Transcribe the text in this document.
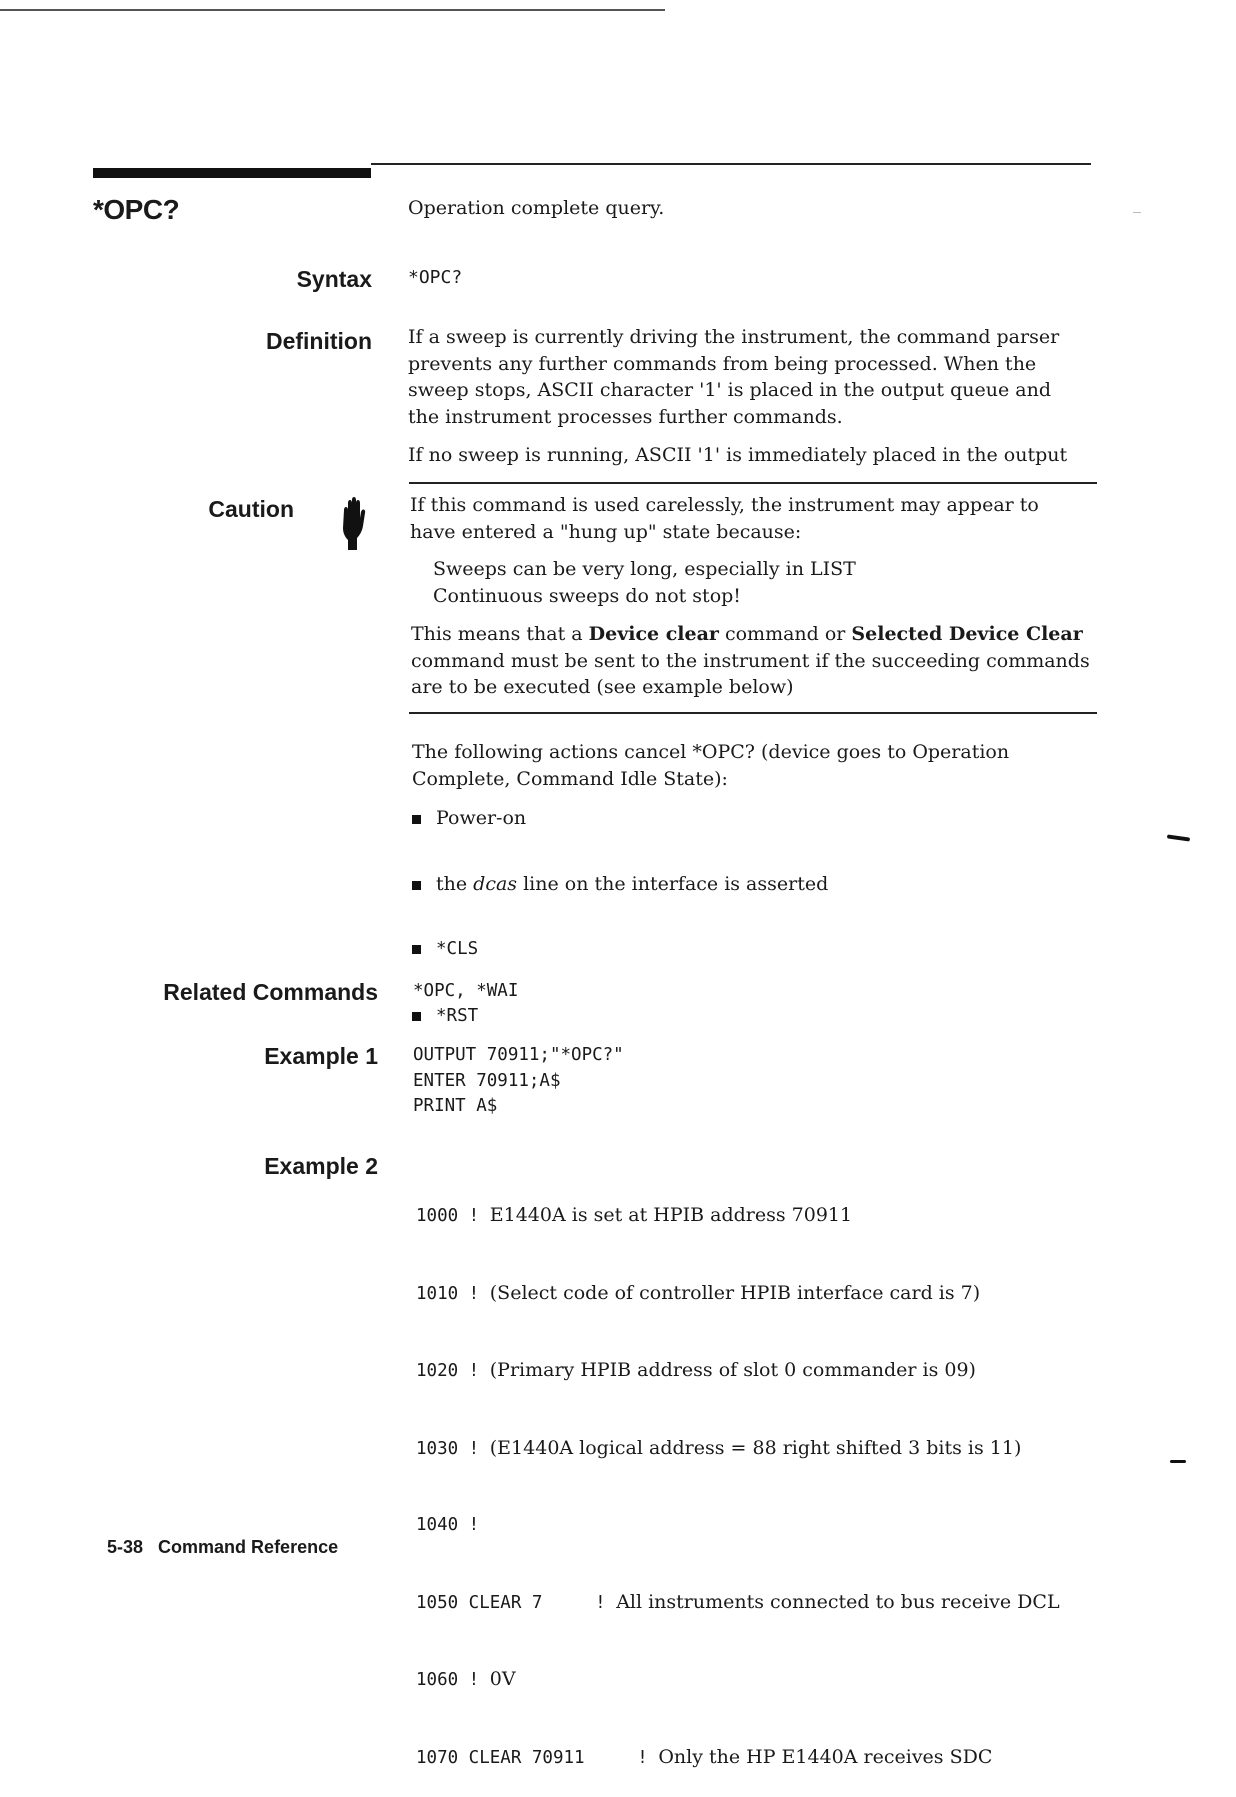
*OPC?	Operation complete query.
Syntax *OPC?
Definition If a sweep is currently driving the instrument, the command parser prevents any further commands from being processed. When the sweep stops, ASCII character '1' is placed in the output queue and the instrument processes further commands.
If no sweep is running, ASCII '1' is immediately placed in the output
Caution	If this command is used carelessly, the instrument may appear to have entered a "hung up" state because:
Sweeps can be very long, especially in LIST
Continuous sweeps do not stop!
This means that a Device clear command or Selected Device Clear command must be sent to the instrument if the succeeding commands are to be executed (see example below)
The following actions cancel *OPC? (device goes to Operation Complete, Command Idle State):
Power-on
the dcas line on the interface is asserted
*CLS
*RST
Related Commands *OPC, *WAI
Example 1 OUTPUT 70911;"*OPC?"
ENTER 70911;A$
PRINT A$
Example 2

1000 ! E1440A is set at HPIB address 70911

1010 ! (Select code of controller HPIB interface card is 7)

1020 ! (Primary HPIB address of slot 0 commander is 09)

1030 ! (E1440A logical address = 88 right shifted 3 bits is 11)

1040 !

1050 CLEAR 7     ! All instruments connected to bus receive DCL

1060 ! 0V

1070 CLEAR 70911     ! Only the HP E1440A receives SDC

5-38 Command Reference
